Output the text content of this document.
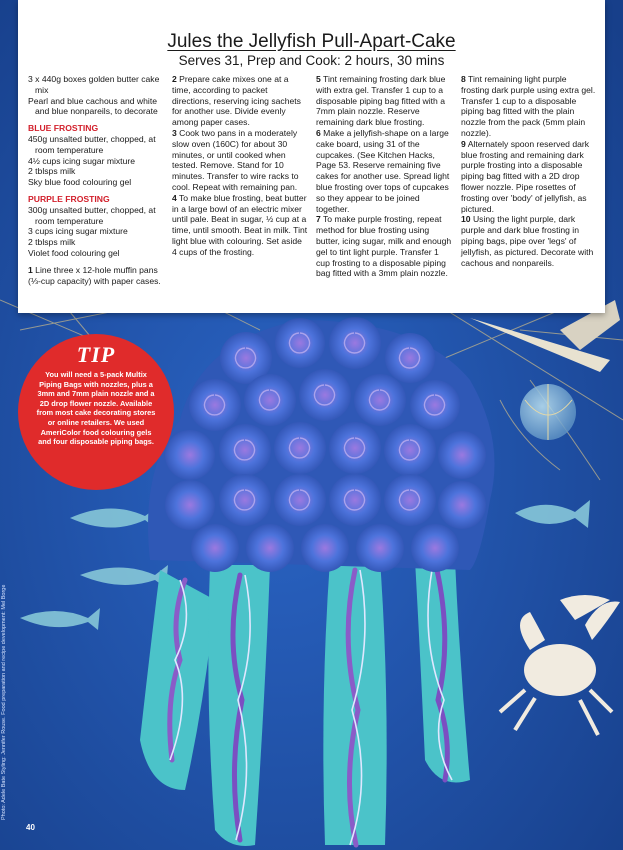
Jules the Jellyfish Pull-Apart-Cake
Serves 31, Prep and Cook: 2 hours, 30 mins

3 x 440g boxes golden butter cake mix

Pearl and blue cachous and white and blue nonpareils, to decorate

BLUE FROSTING

450g unsalted butter, chopped, at room temperature

4½ cups icing sugar mixture

2 tblsps milk

Sky blue food colouring gel

PURPLE FROSTING

300g unsalted butter, chopped, at room temperature

3 cups icing sugar mixture

2 tblsps milk

Violet food colouring gel

1 Line three x 12-hole muffin pans (⅓-cup capacity) with paper cases.

2 Prepare cake mixes one at a time, according to packet directions, reserving icing sachets for another use. Divide evenly among paper cases.

3 Cook two pans in a moderately slow oven (160C) for about 30 minutes, or until cooked when tested. Remove. Stand for 10 minutes. Transfer to wire racks to cool. Repeat with remaining pan.

4 To make blue frosting, beat butter in a large bowl of an electric mixer until pale. Beat in sugar, ½ cup at a time, until smooth. Beat in milk. Tint light blue with colouring. Set aside 4 cups of the frosting.

5 Tint remaining frosting dark blue with extra gel. Transfer 1 cup to a disposable piping bag fitted with a 7mm plain nozzle. Reserve remaining dark blue frosting.

6 Make a jellyfish-shape on a large cake board, using 31 of the cupcakes. (See Kitchen Hacks, Page 53. Reserve remaining five cakes for another use. Spread light blue frosting over tops of cupcakes so they appear to be joined together.

7 To make purple frosting, repeat method for blue frosting using butter, icing sugar, milk and enough gel to tint light purple. Transfer 1 cup frosting to a disposable piping bag fitted with a 3mm plain nozzle.

8 Tint remaining light purple frosting dark purple using extra gel. Transfer 1 cup to a disposable piping bag fitted with the plain nozzle from the pack (5mm plain nozzle).

9 Alternately spoon reserved dark blue frosting and remaining dark purple frosting into a disposable piping bag fitted with a 2D drop flower nozzle. Pipe rosettes of frosting over 'body' of jellyfish, as pictured.

10 Using the light purple, dark purple and dark blue frosting in piping bags, pipe over 'legs' of jellyfish, as pictured. Decorate with cachous and nonpareils.

TIP
You will need a 5-pack Multix Piping Bags with nozzles, plus a 3mm and 7mm plain nozzle and a 2D drop flower nozzle. Available from most cake decorating stores or online retailers. We used AmeriColor food colouring gels and four disposable piping bags.
Photo: Adele Bate Styling: Jennifer Rouse. Food preparation and recipe development: Mel Borge
40
